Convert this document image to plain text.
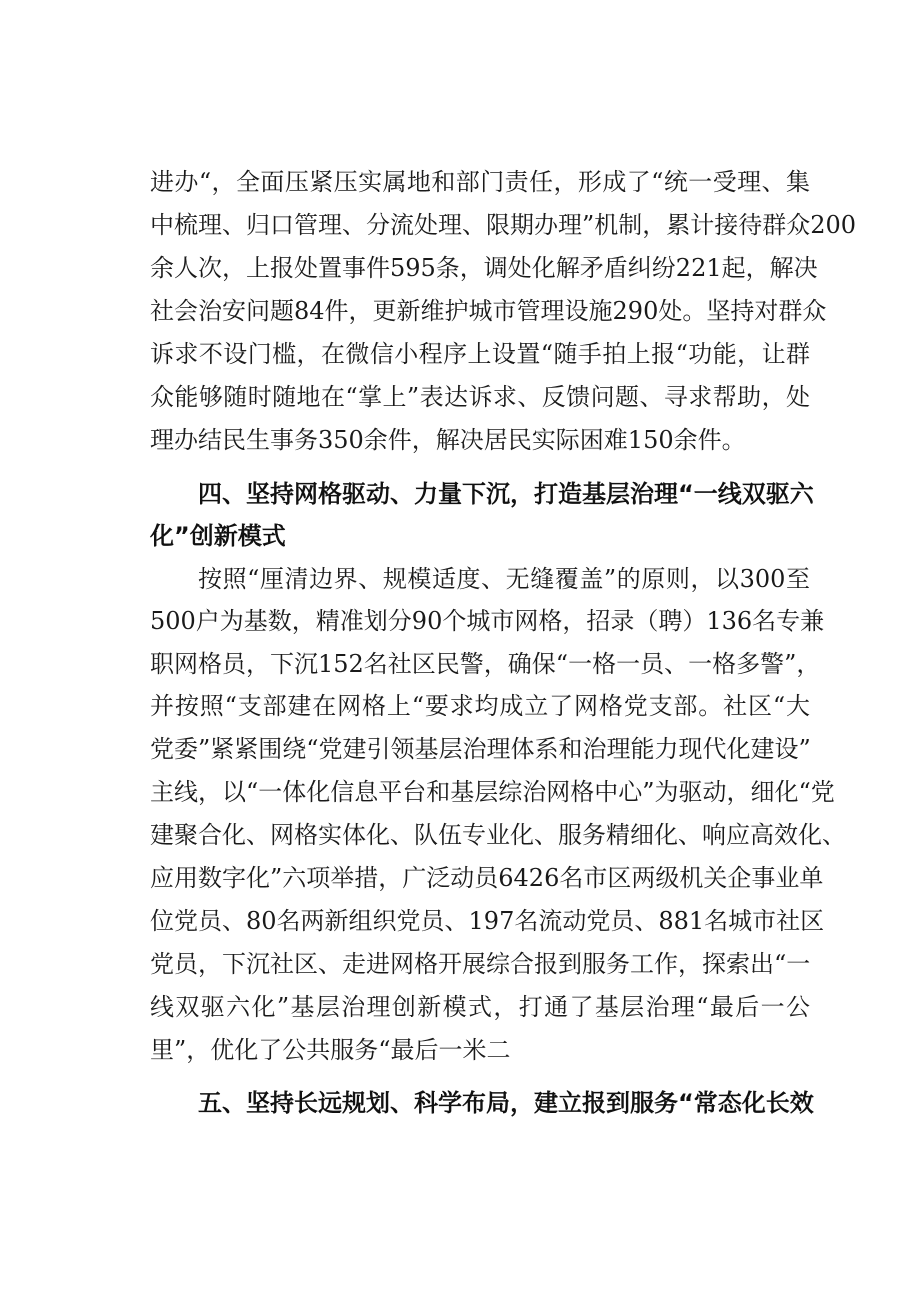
进办“，全面压紧压实属地和部门责任，形成了“统一受理、集
中梳理、归口管理、分流处理、限期办理”机制，累计接待群众200
余人次，上报处置事件595条，调处化解矛盾纠纷221起，解决
社会治安问题84件，更新维护城市管理设施290处。坚持对群众
诉求不设门槛，在微信小程序上设置“随手拍上报“功能，让群
众能够随时随地在“掌上”表达诉求、反馈问题、寻求帮助，处
理办结民生事务350余件，解决居民实际困难150余件。
四、坚持网格驱动、力量下沉，打造基层治理“一线双驱六
化”创新模式
按照“厘清边界、规模适度、无缝覆盖”的原则，以300至
500户为基数，精准划分90个城市网格，招录（聘）136名专兼
职网格员，下沉152名社区民警，确保“一格一员、一格多警”，
并按照“支部建在网格上“要求均成立了网格党支部。社区“大
党委”紧紧围绕“党建引领基层治理体系和治理能力现代化建设”
主线，以“一体化信息平台和基层综治网格中心”为驱动，细化“党
建聚合化、网格实体化、队伍专业化、服务精细化、响应高效化、
应用数字化”六项举措，广泛动员6426名市区两级机关企事业单
位党员、80名两新组织党员、197名流动党员、881名城市社区
党员，下沉社区、走进网格开展综合报到服务工作，探索出“一
线双驱六化”基层治理创新模式，打通了基层治理“最后一公
里”，优化了公共服务“最后一米二
五、坚持长远规划、科学布局，建立报到服务“常态化长效
